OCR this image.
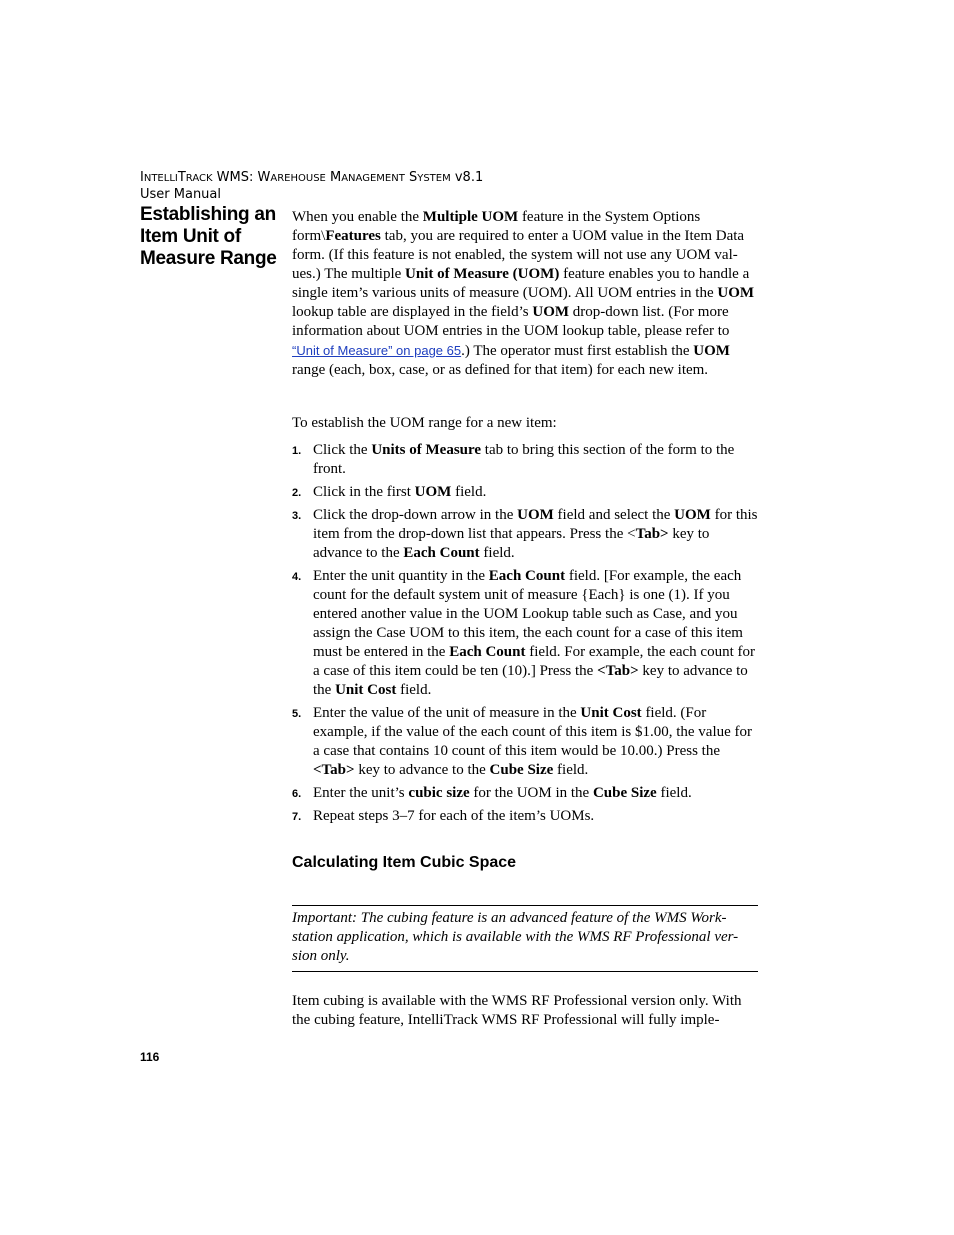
INTELLITRACK WMS: WAREHOUSE MANAGEMENT SYSTEM v8.1
User Manual
Establishing an Item Unit of Measure Range

When you enable the Multiple UOM feature in the System Options form\Features tab, you are required to enter a UOM value in the Item Data form. (If this feature is not enabled, the system will not use any UOM val-ues.) The multiple Unit of Measure (UOM) feature enables you to handle a single item’s various units of measure (UOM). All UOM entries in the UOM lookup table are displayed in the field’s UOM drop-down list. (For more information about UOM entries in the UOM lookup table, please refer to “Unit of Measure” on page 65.) The operator must first establish the UOM range (each, box, case, or as defined for that item) for each new item.

To establish the UOM range for a new item:

1. Click the Units of Measure tab to bring this section of the form to the front.
2. Click in the first UOM field.
3. Click the drop-down arrow in the UOM field and select the UOM for this item from the drop-down list that appears. Press the <Tab> key to advance to the Each Count field.
4. Enter the unit quantity in the Each Count field. [For example, the each count for the default system unit of measure {Each} is one (1). If you entered another value in the UOM Lookup table such as Case, and you assign the Case UOM to this item, the each count for a case of this item must be entered in the Each Count field. For example, the each count for a case of this item could be ten (10).] Press the <Tab> key to advance to the Unit Cost field.
5. Enter the value of the unit of measure in the Unit Cost field. (For example, if the value of the each count of this item is $1.00, the value for a case that contains 10 count of this item would be 10.00.) Press the <Tab> key to advance to the Cube Size field.
6. Enter the unit’s cubic size for the UOM in the Cube Size field.
7. Repeat steps 3–7 for each of the item’s UOMs.
Calculating Item Cubic Space
Important: The cubing feature is an advanced feature of the WMS Work-station application, which is available with the WMS RF Professional ver-sion only.

Item cubing is available with the WMS RF Professional version only. With the cubing feature, IntelliTrack WMS RF Professional will fully imple-

116
